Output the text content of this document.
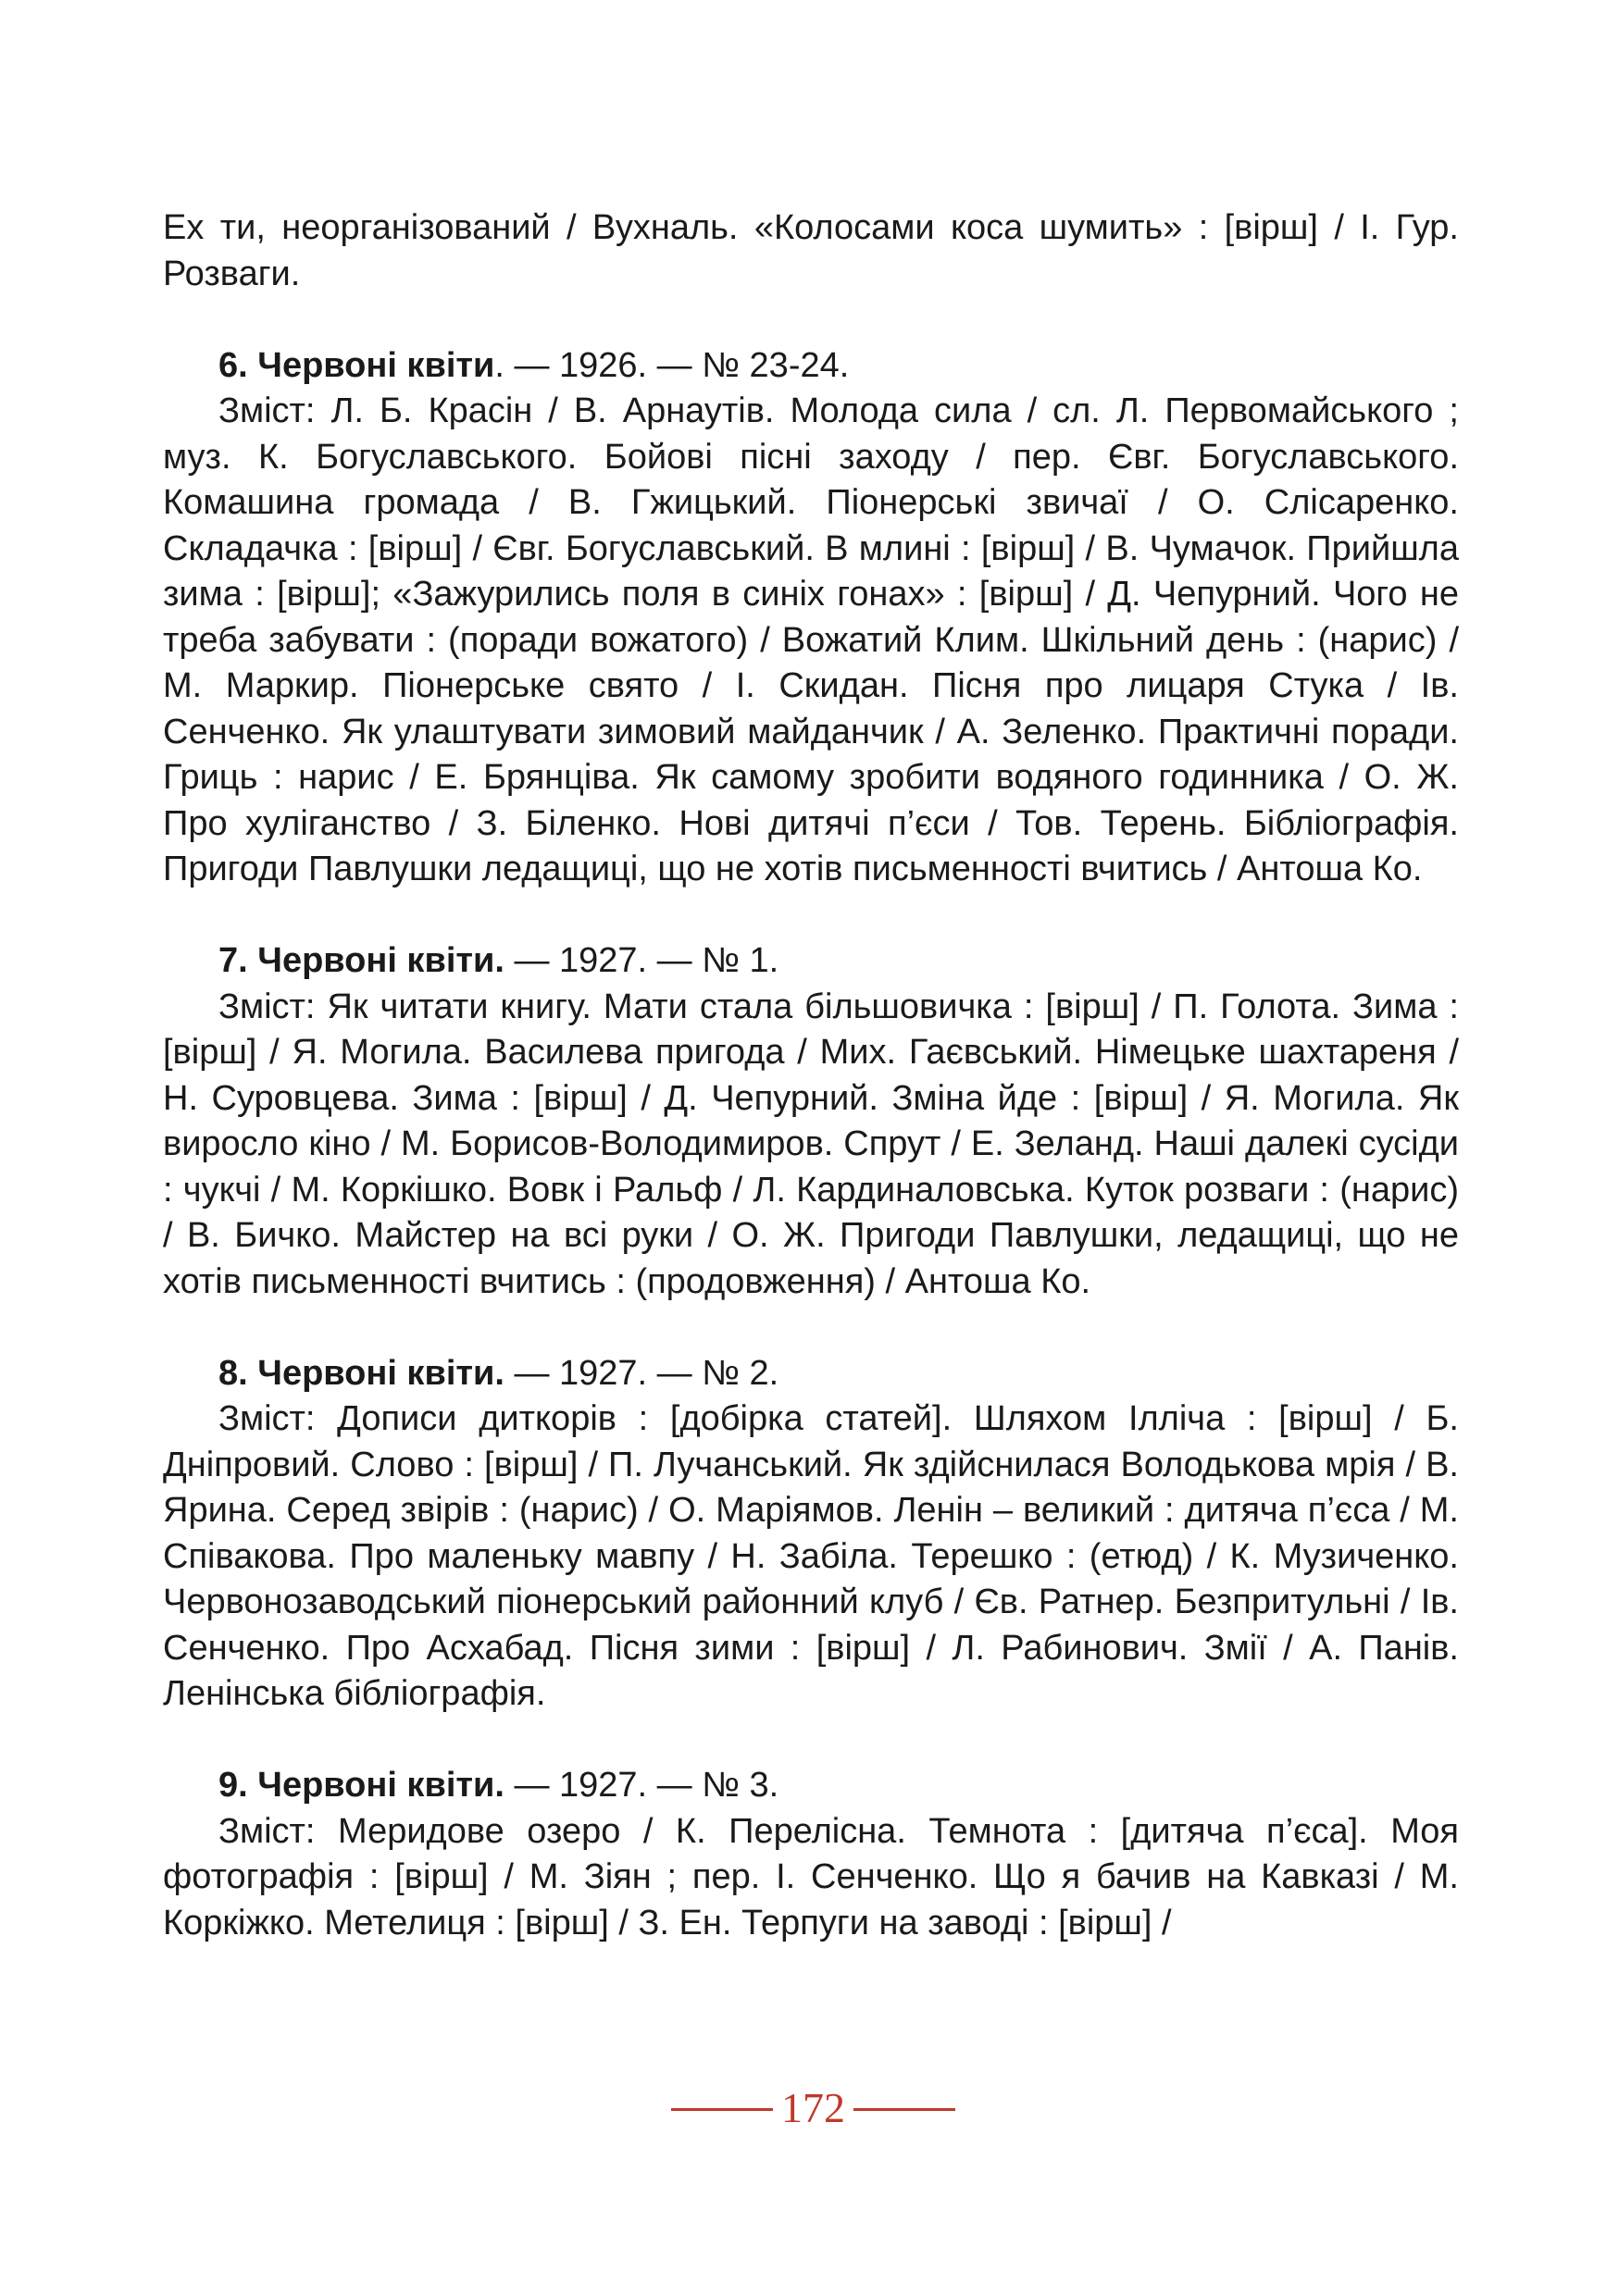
Ех ти, неорганізований / Вухналь. «Колосами коса шумить» : [вірш] / І. Гур. Розваги.

6. Червоні квіти. — 1926. — № 23-24.

Зміст: Л. Б. Красін / В. Арнаутів. Молода сила / сл. Л. Первомайського ; муз. К. Богуславського. Бойові пісні заходу / пер. Євг. Богуславського. Комашина громада / В. Гжицький. Піонерські звичаї / О. Слісаренко. Складачка : [вірш] / Євг. Богуславський. В млині : [вірш] / В. Чумачок. Прийшла зима : [вірш]; «Зажурились поля в синіх гонах» : [вірш] / Д. Чепурний. Чого не треба забувати : (поради вожатого) / Вожатий Клим. Шкільний день : (нарис) / М. Маркир. Піонерське свято / І. Скидан. Пісня про лицаря Стука / Ів. Сенченко. Як улаштувати зимовий майданчик / А. Зеленко. Практичні поради. Гриць : нарис / Е. Брянціва. Як самому зробити водяного годинника / О. Ж. Про хуліганство / З. Біленко. Нові дитячі п’єси / Тов. Терень. Бібліографія. Пригоди Павлушки ледащиці, що не хотів письменності вчитись / Антоша Ко.

7. Червоні квіти. — 1927. — № 1.

Зміст: Як читати книгу. Мати стала більшовичка : [вірш] / П. Голота. Зима : [вірш] / Я. Могила. Василева пригода / Мих. Гаєвський. Німецьке шахтареня / Н. Суровцева. Зима : [вірш] / Д. Чепурний. Зміна йде : [вірш] / Я. Могила. Як виросло кіно / М. Борисов-Володимиров. Спрут / Е. Зеланд. Наші далекі сусіди : чукчі / М. Коркішко. Вовк і Ральф / Л. Кардиналовська. Куток розваги : (нарис) / В. Бичко. Майстер на всі руки / О. Ж. Пригоди Павлушки, ледащиці, що не хотів письменності вчитись : (продовження) / Антоша Ко.

8. Червоні квіти. — 1927. — № 2.

Зміст: Дописи диткорів : [добірка статей]. Шляхом Ілліча : [вірш] / Б. Дніпровий. Слово : [вірш] / П. Лучанський. Як здійснилася Володькова мрія / В. Ярина. Серед звірів : (нарис) / О. Маріямов. Ленін – великий : дитяча п’єса / М. Співакова. Про маленьку мавпу / Н. Забіла. Терешко : (етюд) / К. Музиченко. Червонозаводський піонерський районний клуб / Єв. Ратнер. Безпритульні / Ів. Сенченко. Про Асхабад. Пісня зими : [вірш] / Л. Рабинович. Змії / А. Панів. Ленінська бібліографія.

9. Червоні квіти. — 1927. — № 3.

Зміст: Меридове озеро / К. Перелісна. Темнота : [дитяча п’єса]. Моя фотографія : [вірш] / М. Зіян ; пер. І. Сенченко. Що я бачив на Кавказі / М. Коркіжко. Метелиця : [вірш] / З. Ен. Терпуги на заводі : [вірш] /

172
